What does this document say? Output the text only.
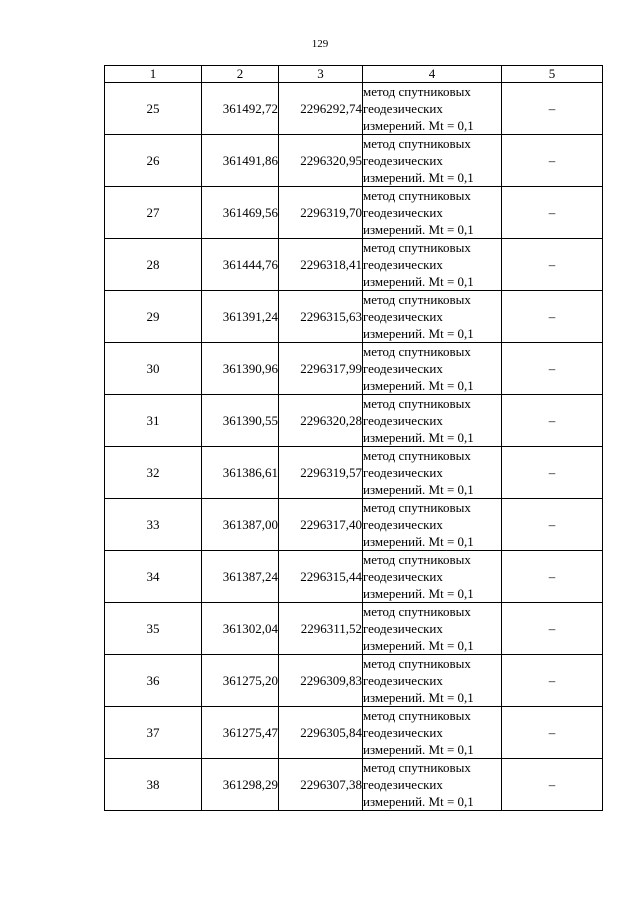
129
1	2	3	4	5
25	361492,72	2296292,74	метод спутниковых
геодезических
измерений. Mt = 0,1	–
26	361491,86	2296320,95	метод спутниковых
геодезических
измерений. Mt = 0,1	–
27	361469,56	2296319,70	метод спутниковых
геодезических
измерений. Mt = 0,1	–
28	361444,76	2296318,41	метод спутниковых
геодезических
измерений. Mt = 0,1	–
29	361391,24	2296315,63	метод спутниковых
геодезических
измерений. Mt = 0,1	–
30	361390,96	2296317,99	метод спутниковых
геодезических
измерений. Mt = 0,1	–
31	361390,55	2296320,28	метод спутниковых
геодезических
измерений. Mt = 0,1	–
32	361386,61	2296319,57	метод спутниковых
геодезических
измерений. Mt = 0,1	–
33	361387,00	2296317,40	метод спутниковых
геодезических
измерений. Mt = 0,1	–
34	361387,24	2296315,44	метод спутниковых
геодезических
измерений. Mt = 0,1	–
35	361302,04	2296311,52	метод спутниковых
геодезических
измерений. Mt = 0,1	–
36	361275,20	2296309,83	метод спутниковых
геодезических
измерений. Mt = 0,1	–
37	361275,47	2296305,84	метод спутниковых
геодезических
измерений. Mt = 0,1	–
38	361298,29	2296307,38	метод спутниковых
геодезических
измерений. Mt = 0,1	–
